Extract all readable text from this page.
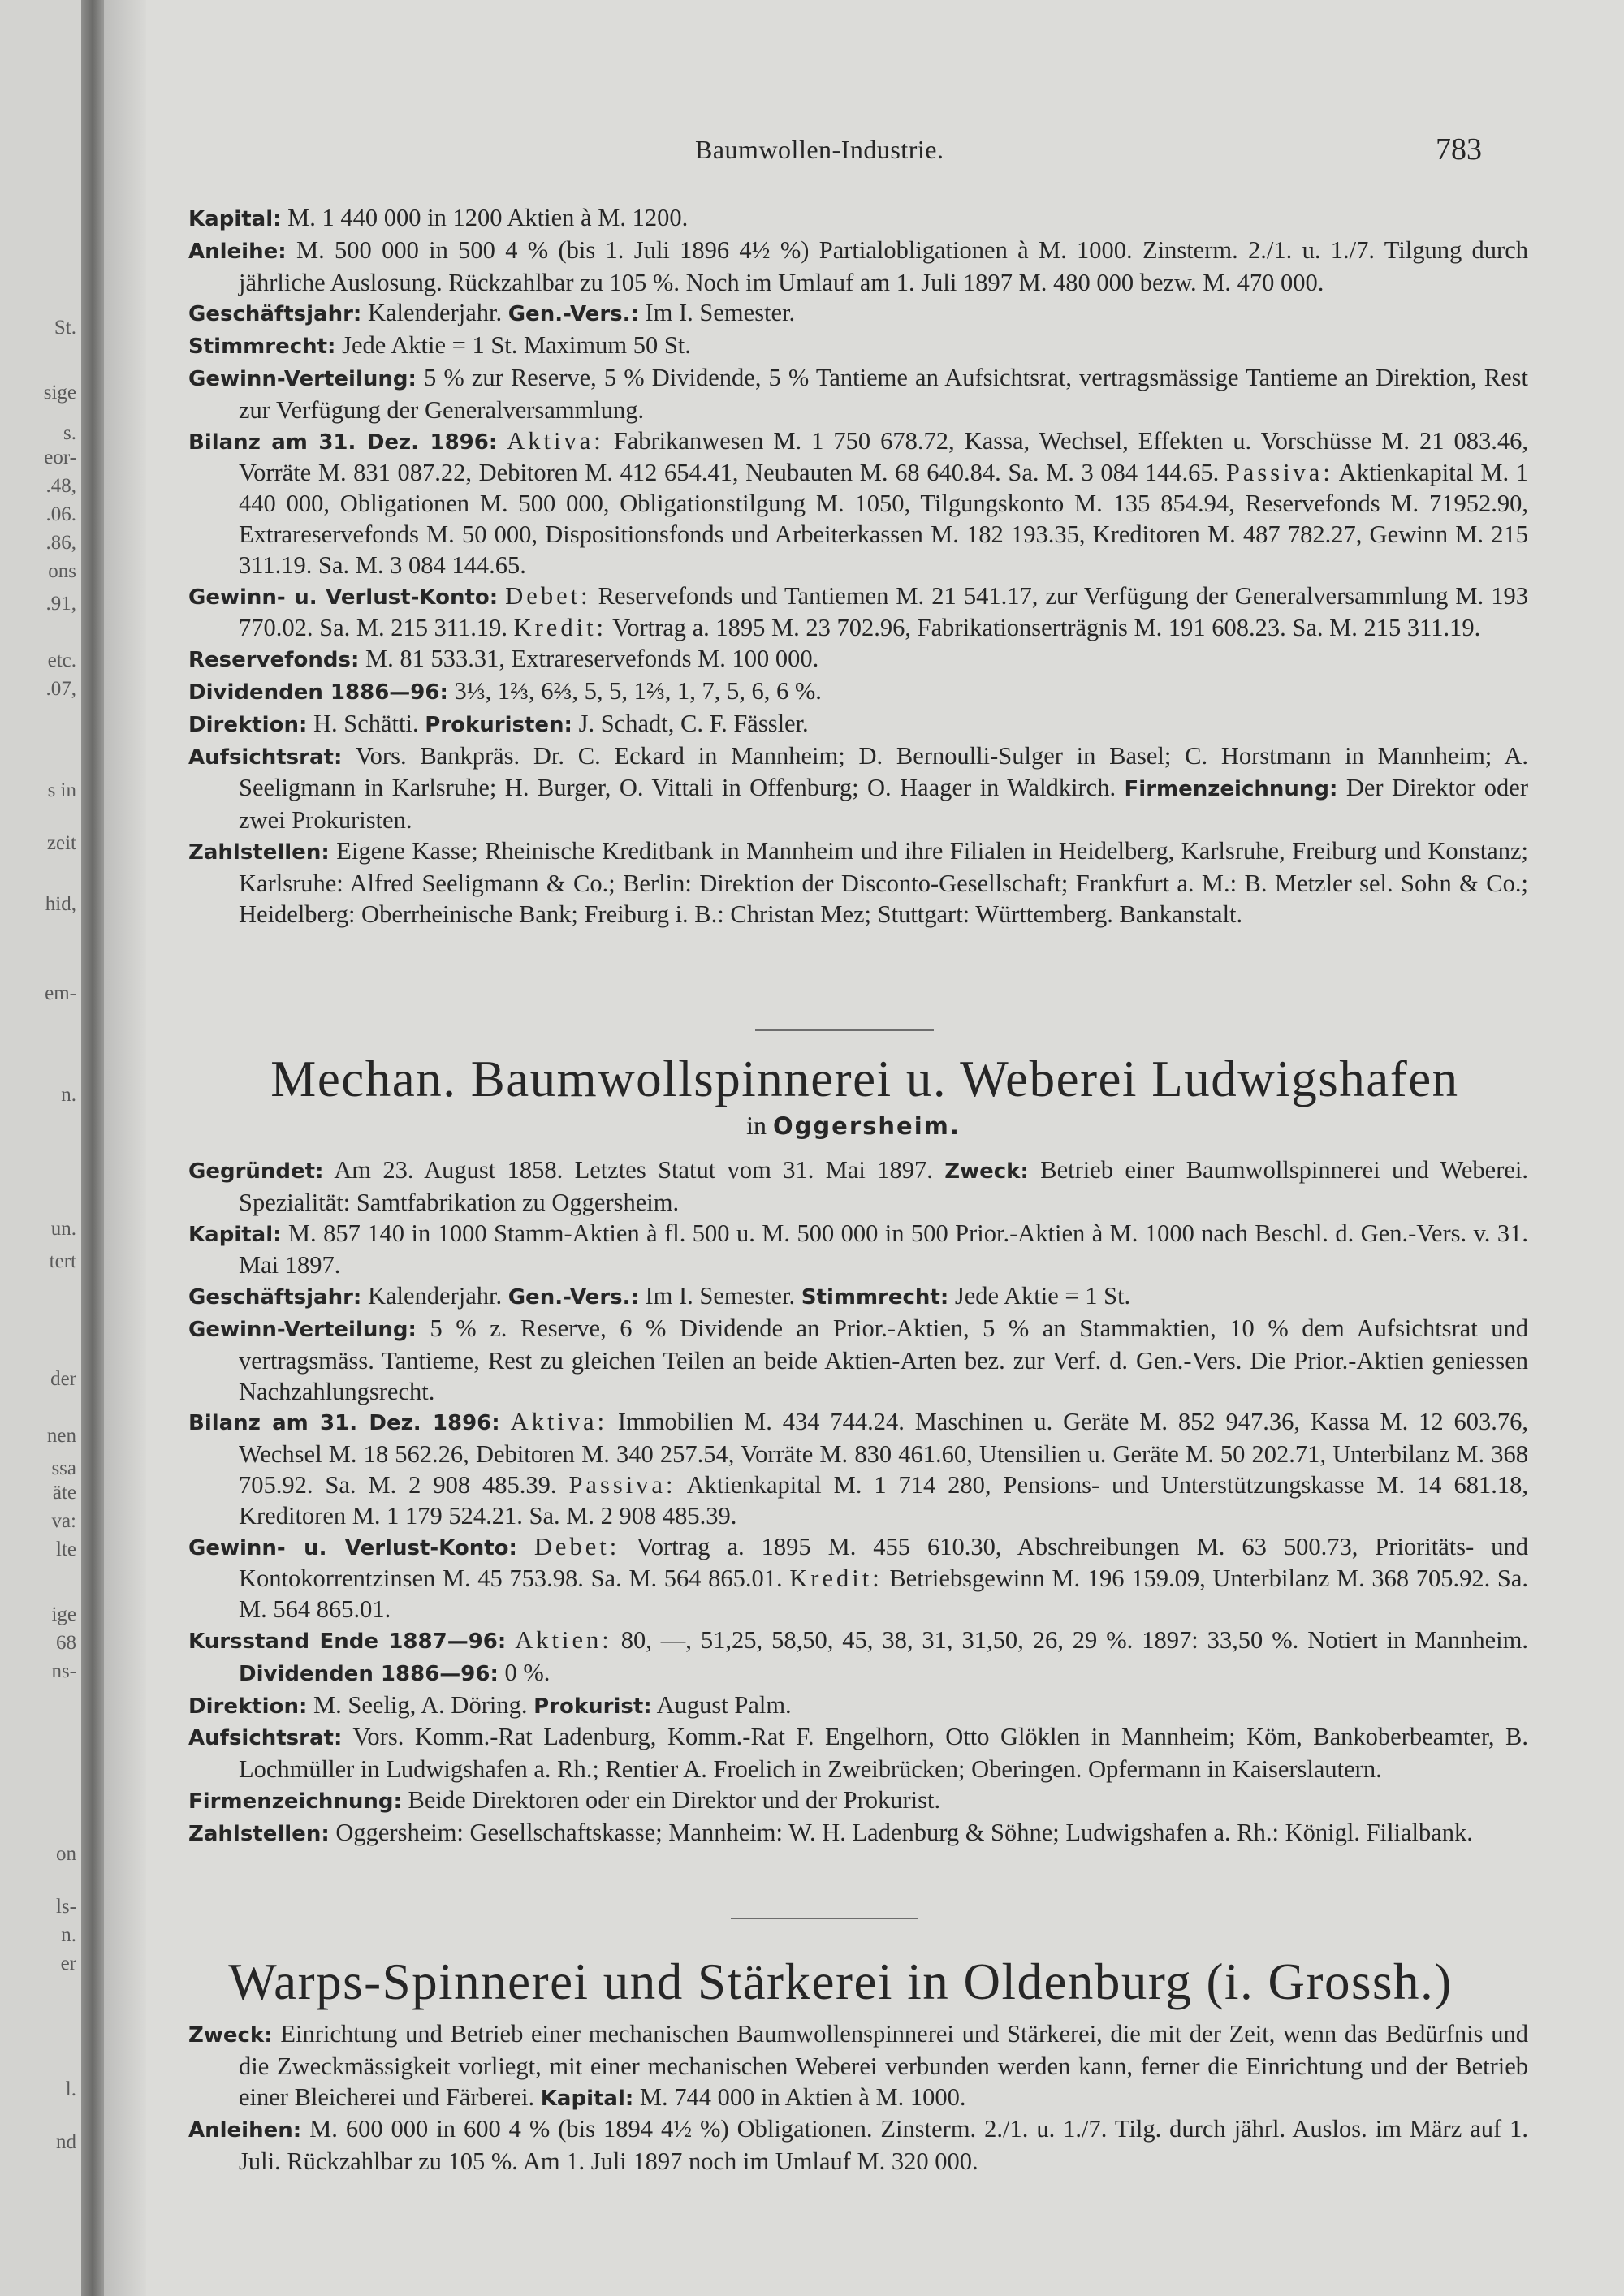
St.
sige
s.
eor-
.48,
.06.
.86,
ons
.91,
etc.
.07,
s in
zeit
hid,
em-
n.
un.
tert
der
nen
ssa
äte
va:
lte
ige
68
ns-
on
ls-
n.
er
l.
nd
Baumwollen-Industrie.	783

Kapital: M. 1 440 000 in 1200 Aktien à M. 1200.

Anleihe: M. 500 000 in 500 4 % (bis 1. Juli 1896 4½ %) Partialobligationen à M. 1000. Zinsterm. 2./1. u. 1./7. Tilgung durch jährliche Auslosung. Rückzahlbar zu 105 %. Noch im Umlauf am 1. Juli 1897 M. 480 000 bezw. M. 470 000.

Geschäftsjahr: Kalenderjahr. Gen.-Vers.: Im I. Semester.

Stimmrecht: Jede Aktie = 1 St. Maximum 50 St.

Gewinn-Verteilung: 5 % zur Reserve, 5 % Dividende, 5 % Tantieme an Aufsichtsrat, vertragsmässige Tantieme an Direktion, Rest zur Verfügung der Generalversammlung.

Bilanz am 31. Dez. 1896: Aktiva: Fabrikanwesen M. 1 750 678.72, Kassa, Wechsel, Effekten u. Vorschüsse M. 21 083.46, Vorräte M. 831 087.22, Debitoren M. 412 654.41, Neubauten M. 68 640.84. Sa. M. 3 084 144.65. Passiva: Aktienkapital M. 1 440 000, Obligationen M. 500 000, Obligationstilgung M. 1050, Tilgungskonto M. 135 854.94, Reservefonds M. 71952.90, Extrareservefonds M. 50 000, Dispositionsfonds und Arbeiterkassen M. 182 193.35, Kreditoren M. 487 782.27, Gewinn M. 215 311.19. Sa. M. 3 084 144.65.

Gewinn- u. Verlust-Konto: Debet: Reservefonds und Tantiemen M. 21 541.17, zur Verfügung der Generalversammlung M. 193 770.02. Sa. M. 215 311.19. Kredit: Vortrag a. 1895 M. 23 702.96, Fabrikationserträgnis M. 191 608.23. Sa. M. 215 311.19.

Reservefonds: M. 81 533.31, Extrareservefonds M. 100 000.

Dividenden 1886—96: 3⅓, 1⅔, 6⅔, 5, 5, 1⅔, 1, 7, 5, 6, 6 %.

Direktion: H. Schätti. Prokuristen: J. Schadt, C. F. Fässler.

Aufsichtsrat: Vors. Bankpräs. Dr. C. Eckard in Mannheim; D. Bernoulli-Sulger in Basel; C. Horstmann in Mannheim; A. Seeligmann in Karlsruhe; H. Burger, O. Vittali in Offenburg; O. Haager in Waldkirch. Firmenzeichnung: Der Direktor oder zwei Prokuristen.

Zahlstellen: Eigene Kasse; Rheinische Kreditbank in Mannheim und ihre Filialen in Heidelberg, Karlsruhe, Freiburg und Konstanz; Karlsruhe: Alfred Seeligmann & Co.; Berlin: Direktion der Disconto-Gesellschaft; Frankfurt a. M.: B. Metzler sel. Sohn & Co.; Heidelberg: Oberrheinische Bank; Freiburg i. B.: Christan Mez; Stuttgart: Württemberg. Bankanstalt.

Mechan. Baumwollspinnerei u. Weberei Ludwigshafen
in Oggersheim.

Gegründet: Am 23. August 1858. Letztes Statut vom 31. Mai 1897. Zweck: Betrieb einer Baumwollspinnerei und Weberei. Spezialität: Samtfabrikation zu Oggersheim.

Kapital: M. 857 140 in 1000 Stamm-Aktien à fl. 500 u. M. 500 000 in 500 Prior.-Aktien à M. 1000 nach Beschl. d. Gen.-Vers. v. 31. Mai 1897.

Geschäftsjahr: Kalenderjahr. Gen.-Vers.: Im I. Semester. Stimmrecht: Jede Aktie = 1 St.

Gewinn-Verteilung: 5 % z. Reserve, 6 % Dividende an Prior.-Aktien, 5 % an Stammaktien, 10 % dem Aufsichtsrat und vertragsmäss. Tantieme, Rest zu gleichen Teilen an beide Aktien-Arten bez. zur Verf. d. Gen.-Vers. Die Prior.-Aktien geniessen Nachzahlungsrecht.

Bilanz am 31. Dez. 1896: Aktiva: Immobilien M. 434 744.24. Maschinen u. Geräte M. 852 947.36, Kassa M. 12 603.76, Wechsel M. 18 562.26, Debitoren M. 340 257.54, Vorräte M. 830 461.60, Utensilien u. Geräte M. 50 202.71, Unterbilanz M. 368 705.92. Sa. M. 2 908 485.39. Passiva: Aktienkapital M. 1 714 280, Pensions- und Unterstützungskasse M. 14 681.18, Kreditoren M. 1 179 524.21. Sa. M. 2 908 485.39.

Gewinn- u. Verlust-Konto: Debet: Vortrag a. 1895 M. 455 610.30, Abschreibungen M. 63 500.73, Prioritäts- und Kontokorrentzinsen M. 45 753.98. Sa. M. 564 865.01. Kredit: Betriebsgewinn M. 196 159.09, Unterbilanz M. 368 705.92. Sa. M. 564 865.01.

Kursstand Ende 1887—96: Aktien: 80, —, 51,25, 58,50, 45, 38, 31, 31,50, 26, 29 %. 1897: 33,50 %. Notiert in Mannheim. Dividenden 1886—96: 0 %.

Direktion: M. Seelig, A. Döring. Prokurist: August Palm.

Aufsichtsrat: Vors. Komm.-Rat Ladenburg, Komm.-Rat F. Engelhorn, Otto Glöklen in Mannheim; Köm, Bankoberbeamter, B. Lochmüller in Ludwigshafen a. Rh.; Rentier A. Froelich in Zweibrücken; Oberingen. Opfermann in Kaiserslautern.

Firmenzeichnung: Beide Direktoren oder ein Direktor und der Prokurist.

Zahlstellen: Oggersheim: Gesellschaftskasse; Mannheim: W. H. Ladenburg & Söhne; Ludwigshafen a. Rh.: Königl. Filialbank.

Warps-Spinnerei und Stärkerei in Oldenburg (i. Grossh.)

Zweck: Einrichtung und Betrieb einer mechanischen Baumwollenspinnerei und Stärkerei, die mit der Zeit, wenn das Bedürfnis und die Zweckmässigkeit vorliegt, mit einer mechanischen Weberei verbunden werden kann, ferner die Einrichtung und der Betrieb einer Bleicherei und Färberei. Kapital: M. 744 000 in Aktien à M. 1000.

Anleihen: M. 600 000 in 600 4 % (bis 1894 4½ %) Obligationen. Zinsterm. 2./1. u. 1./7. Tilg. durch jährl. Auslos. im März auf 1. Juli. Rückzahlbar zu 105 %. Am 1. Juli 1897 noch im Umlauf M. 320 000.
